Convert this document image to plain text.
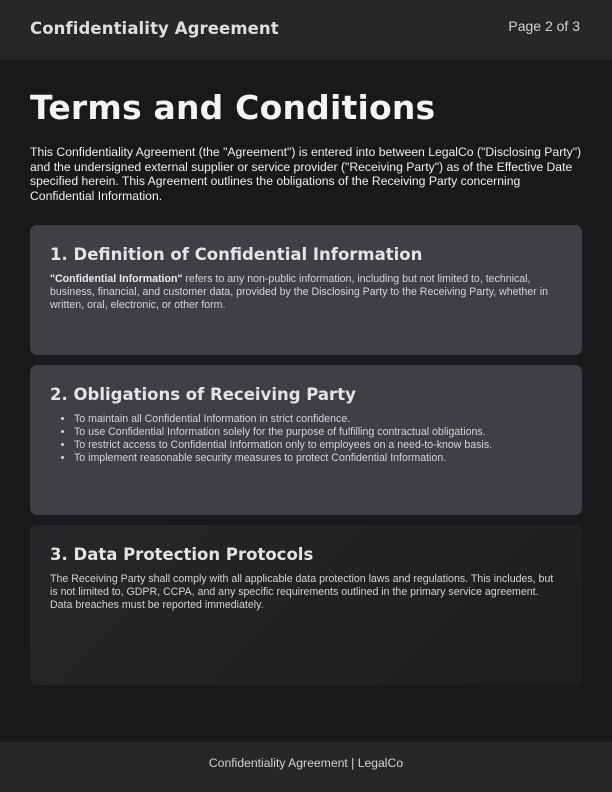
Confidentiality Agreement	Page 2 of 3
Terms and Conditions

This Confidentiality Agreement (the "Agreement") is entered into between LegalCo ("Disclosing Party") and the undersigned external supplier or service provider ("Receiving Party") as of the Effective Date specified herein. This Agreement outlines the obligations of the Receiving Party concerning Confidential Information.

1. Definition of Confidential Information

"Confidential Information" refers to any non-public information, including but not limited to, technical, business, financial, and customer data, provided by the Disclosing Party to the Receiving Party, whether in written, oral, electronic, or other form.

2. Obligations of Receiving Party
• To maintain all Confidential Information in strict confidence.
• To use Confidential Information solely for the purpose of fulfilling contractual obligations.
• To restrict access to Confidential Information only to employees on a need-to-know basis.
• To implement reasonable security measures to protect Confidential Information.
3. Data Protection Protocols

The Receiving Party shall comply with all applicable data protection laws and regulations. This includes, but is not limited to, GDPR, CCPA, and any specific requirements outlined in the primary service agreement. Data breaches must be reported immediately.

Confidentiality Agreement | LegalCo
